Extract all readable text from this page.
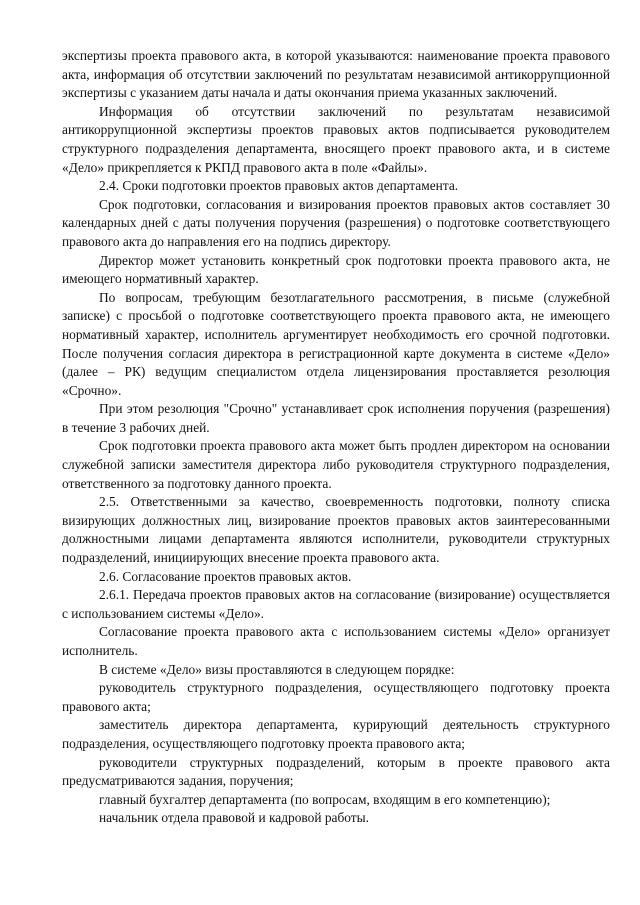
экспертизы проекта правового акта, в которой указываются: наименование проекта правового акта, информация об отсутствии заключений по результатам независимой антикоррупционной экспертизы с указанием даты начала и даты окончания приема указанных заключений.

Информация об отсутствии заключений по результатам независимой антикоррупционной экспертизы проектов правовых актов подписывается руководителем структурного подразделения департамента, вносящего проект правового акта, и в системе «Дело» прикрепляется к РКПД правового акта в поле «Файлы».

2.4. Сроки подготовки проектов правовых актов департамента.

Срок подготовки, согласования и визирования проектов правовых актов составляет 30 календарных дней с даты получения поручения (разрешения) о подготовке соответствующего правового акта до направления его на подпись директору.

Директор может установить конкретный срок подготовки проекта правового акта, не имеющего нормативный характер.

По вопросам, требующим безотлагательного рассмотрения, в письме (служебной записке) с просьбой о подготовке соответствующего проекта правового акта, не имеющего нормативный характер, исполнитель аргументирует необходимость его срочной подготовки. После получения согласия директора в регистрационной карте документа в системе «Дело» (далее – РК) ведущим специалистом отдела лицензирования проставляется резолюция «Срочно».

При этом резолюция "Срочно" устанавливает срок исполнения поручения (разрешения) в течение 3 рабочих дней.

Срок подготовки проекта правового акта может быть продлен директором на основании служебной записки заместителя директора либо руководителя структурного подразделения, ответственного за подготовку данного проекта.

2.5. Ответственными за качество, своевременность подготовки, полноту списка визирующих должностных лиц, визирование проектов правовых актов заинтересованными должностными лицами департамента являются исполнители, руководители структурных подразделений, инициирующих внесение проекта правового акта.

2.6. Согласование проектов правовых актов.

2.6.1. Передача проектов правовых актов на согласование (визирование) осуществляется с использованием системы «Дело».

Согласование проекта правового акта с использованием системы «Дело» организует исполнитель.

В системе «Дело» визы проставляются в следующем порядке:

руководитель структурного подразделения, осуществляющего подготовку проекта правового акта;

заместитель директора департамента, курирующий деятельность структурного подразделения, осуществляющего подготовку проекта правового акта;

руководители структурных подразделений, которым в проекте правового акта предусматриваются задания, поручения;

главный бухгалтер департамента (по вопросам, входящим в его компетенцию);

начальник отдела правовой и кадровой работы.
